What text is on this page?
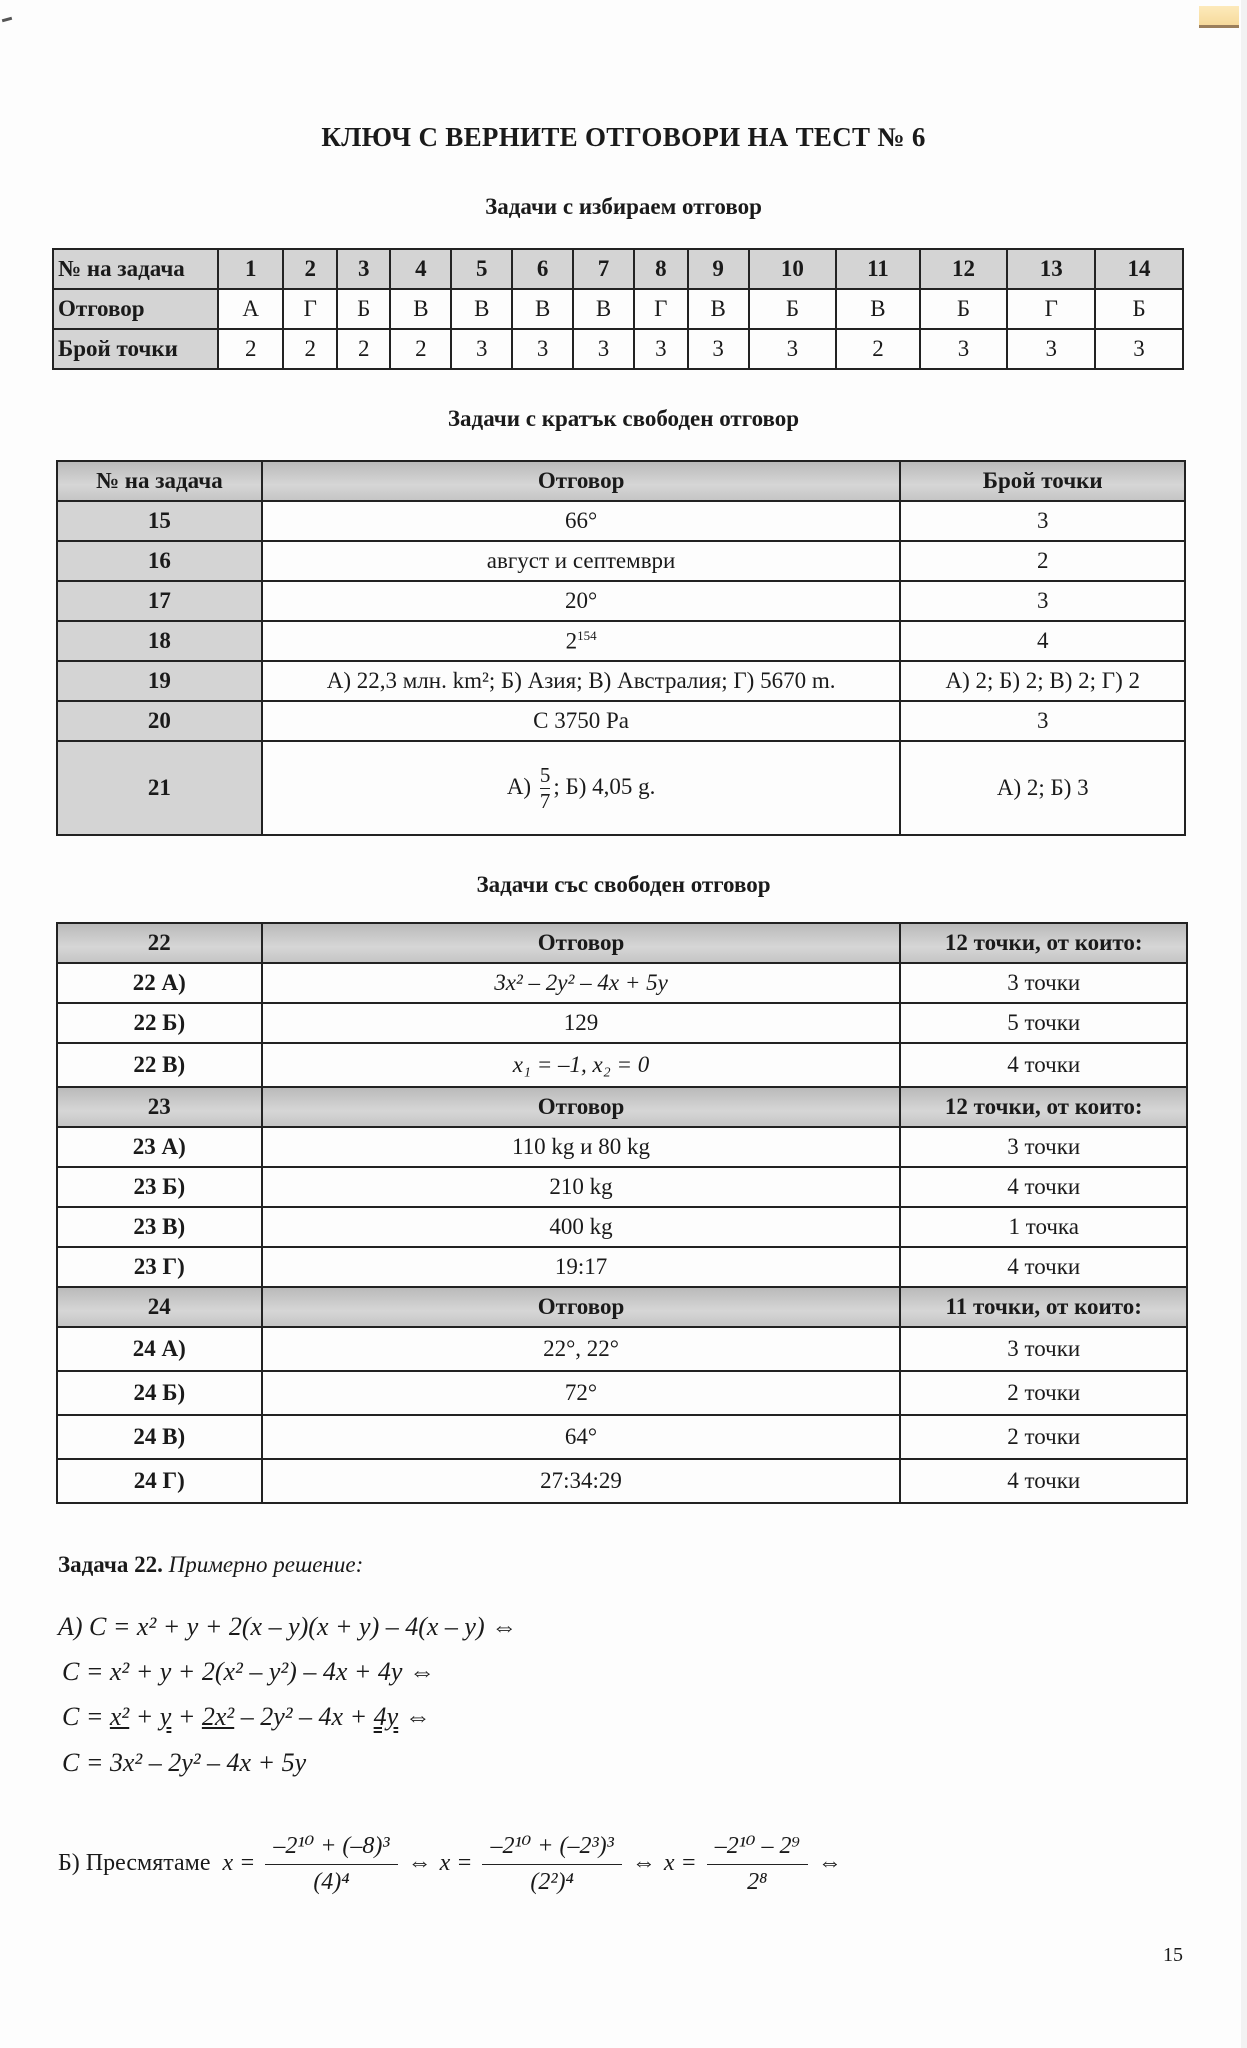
КЛЮЧ С ВЕРНИТЕ ОТГОВОРИ НА ТЕСТ № 6
Задачи с избираем отговор
№ на задача	1	2	3	4	5	6	7	8	9	10	11	12	13	14
Отговор	А	Г	Б	В	В	В	В	Г	В	Б	В	Б	Г	Б
Брой точки	2	2	2	2	3	3	3	3	3	3	2	3	3	3
Задачи с кратък свободен отговор
№ на задача	Отговор	Брой точки
15	66°	3
16	август и септември	2
17	20°	3
18	$2^{154}$	4
19	А) 22,3 млн. km²; Б) Азия; В) Австралия; Г) 5670 m.	А) 2; Б) 2; В) 2; Г) 2
20	С 3750 Pa	3
21	$А) \frac{5}{7}$ ; Б) 4,05 g.	А) 2; Б) 3
Задачи със свободен отговор
22	Отговор	12 точки, от които:
22 А)	3x² – 2y² – 4x + 5y	3 точки
22 Б)	129	5 точки
22 В)	x₁ = –1, x₂ = 0	4 точки
23	Отговор	12 точки, от които:
23 А)	110 kg и 80 kg	3 точки
23 Б)	210 kg	4 точки
23 В)	400 kg	1 точка
23 Г)	19:17	4 точки
24	Отговор	11 точки, от които:
24 А)	22°, 22°	3 точки
24 Б)	72°	2 точки
24 В)	64°	2 точки
24 Г)	27:34:29	4 точки
Задача 22. Примерно решение:
А) C = x² + y + 2(x – y)(x + y) – 4(x – y) ⇔
C = x² + y + 2(x² – y²) – 4x + 4y ⇔
C = x² + y + 2x² – 2y² – 4x + 4y ⇔
C = 3x² – 2y² – 4x + 5y
Б) Пресмятаме x =
–2¹⁰ + (–8)³
(4)⁴
⇔ x =
–2¹⁰ + (–2³)³
(2²)⁴
⇔ x =
–2¹⁰ – 2⁹
2⁸
⇔
15
